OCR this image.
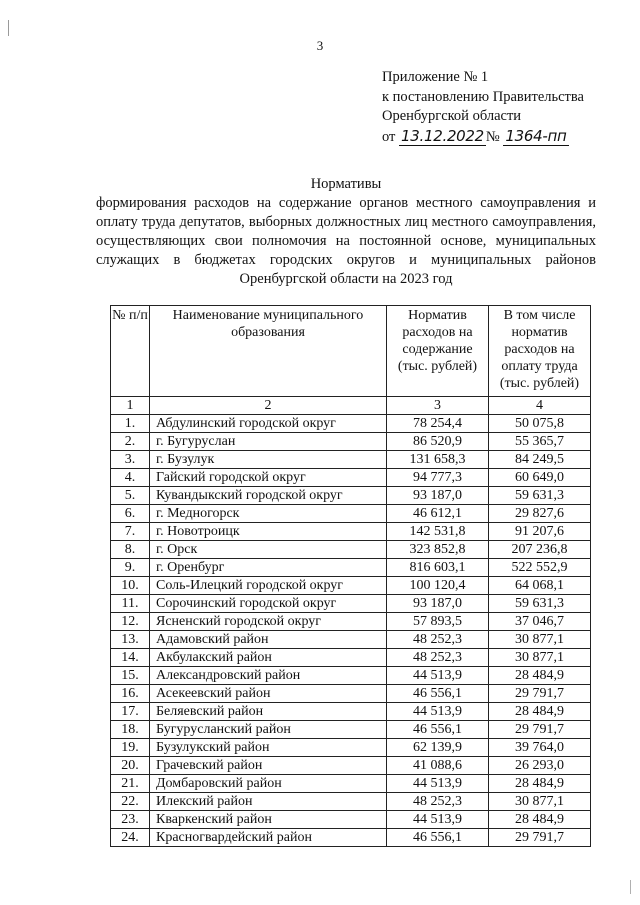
3
Приложение № 1
к постановлению Правительства
Оренбургской области
от 13.12.2022 № 1364-пп
Нормативы
формирования расходов на содержание органов местного самоуправления и оплату труда депутатов, выборных должностных лиц местного самоуправления, осуществляющих свои полномочия на постоянной основе, муниципальных служащих в бюджетах городских округов и муниципальных районов Оренбургской области на 2023 год
№ п/п	Наименование муниципального образования	Норматив расходов на содержание (тыс. рублей)	В том числе норматив расходов на оплату труда (тыс. рублей)
1	2	3	4
1.	Абдулинский городской округ	78 254,4	50 075,8
2.	г. Бугуруслан	86 520,9	55 365,7
3.	г. Бузулук	131 658,3	84 249,5
4.	Гайский городской округ	94 777,3	60 649,0
5.	Кувандыкский городской округ	93 187,0	59 631,3
6.	г. Медногорск	46 612,1	29 827,6
7.	г. Новотроицк	142 531,8	91 207,6
8.	г. Орск	323 852,8	207 236,8
9.	г. Оренбург	816 603,1	522 552,9
10.	Соль-Илецкий городской округ	100 120,4	64 068,1
11.	Сорочинский городской округ	93 187,0	59 631,3
12.	Ясненский городской округ	57 893,5	37 046,7
13.	Адамовский район	48 252,3	30 877,1
14.	Акбулакский район	48 252,3	30 877,1
15.	Александровский район	44 513,9	28 484,9
16.	Асекеевский район	46 556,1	29 791,7
17.	Беляевский район	44 513,9	28 484,9
18.	Бугурусланский район	46 556,1	29 791,7
19.	Бузулукский район	62 139,9	39 764,0
20.	Грачевский район	41 088,6	26 293,0
21.	Домбаровский район	44 513,9	28 484,9
22.	Илекский район	48 252,3	30 877,1
23.	Кваркенский район	44 513,9	28 484,9
24.	Красногвардейский район	46 556,1	29 791,7
